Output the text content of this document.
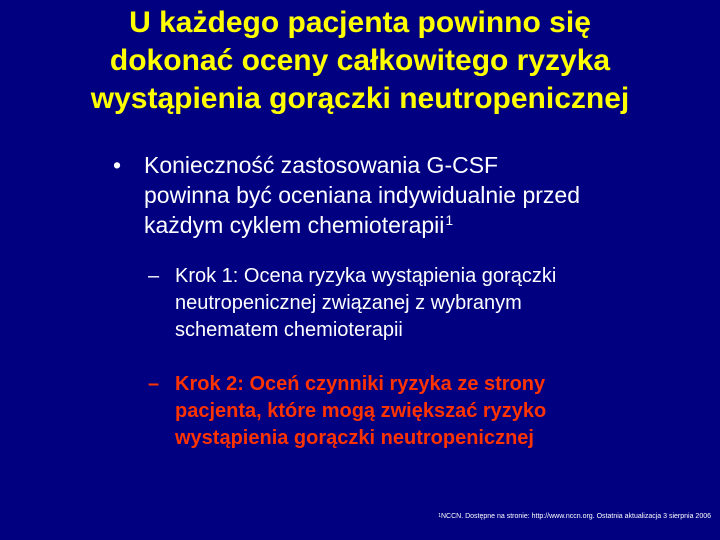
U każdego pacjenta powinno się
dokonać oceny całkowitego ryzyka
wystąpienia gorączki neutropenicznej
• Konieczność zastosowania G-CSF
powinna być oceniana indywidualnie przed
każdym cyklem chemioterapii$^1$
– Krok 1: Ocena ryzyka wystąpienia gorączki
neutropenicznej związanej z wybranym
schematem chemioterapii
– Krok 2: Oceń czynniki ryzyka ze strony
pacjenta, które mogą zwiększać ryzyko
wystąpienia gorączki neutropenicznej
$^1$NCCN. Dostępne na stronie: http://www.nccn.org. Ostatnia aktualizacja 3 sierpnia 2006
